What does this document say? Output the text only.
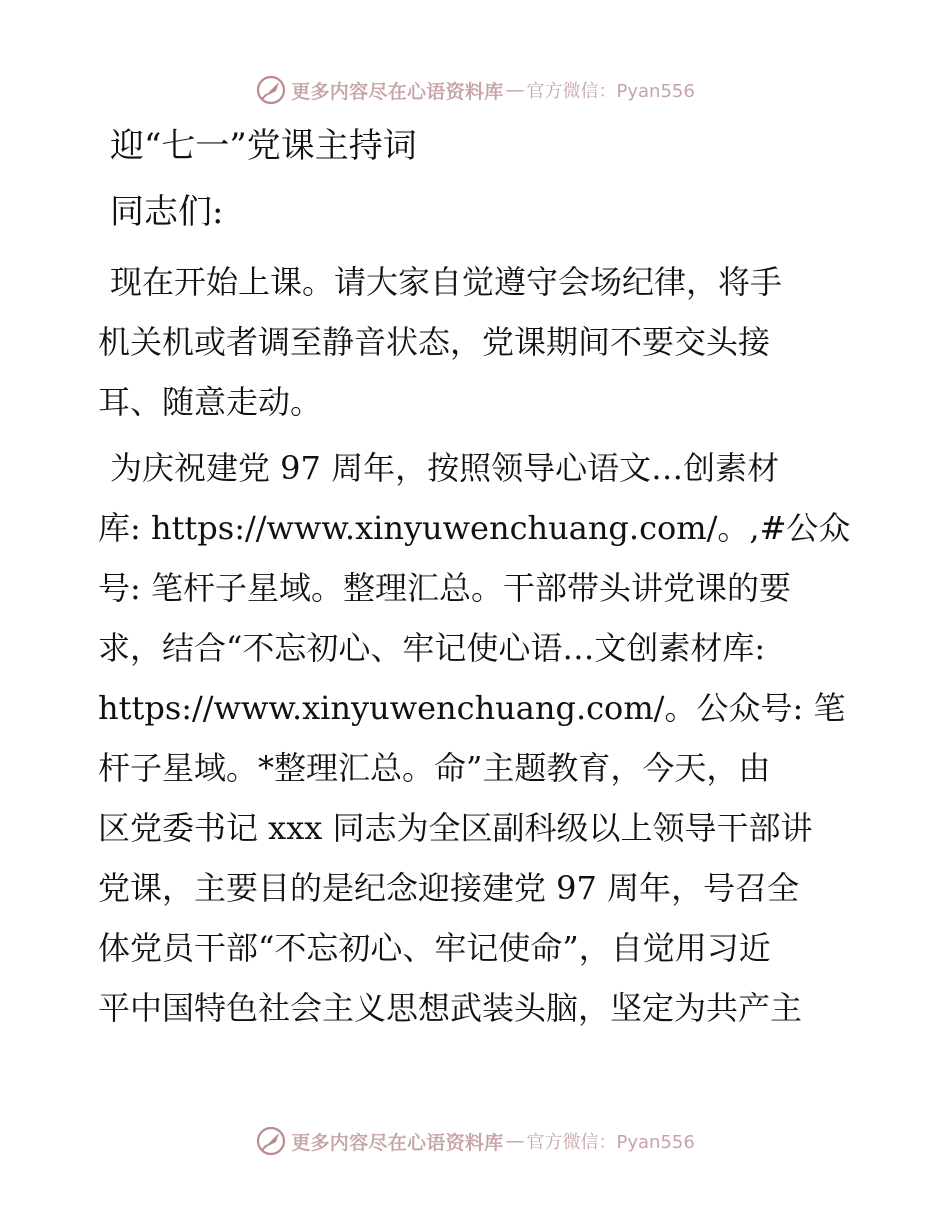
更多内容尽在心语资料库 — 官方微信：Pyan556
迎“七一”党课主持词

同志们:

现在开始上课。请大家自觉遵守会场纪律，将手
机关机或者调至静音状态，党课期间不要交头接
耳、随意走动。

为庆祝建党 97 周年，按照领导心语文…创素材
库: https://www.xinyuwenchuang.com/。,#公众
号: 笔杆子星域。整理汇总。干部带头讲党课的要
求，结合“不忘初心、牢记使心语…文创素材库:
https://www.xinyuwenchuang.com/。公众号: 笔
杆子星域。*整理汇总。命”主题教育，今天，由
区党委书记 xxx 同志为全区副科级以上领导干部讲
党课，主要目的是纪念迎接建党 97 周年，号召全
体党员干部“不忘初心、牢记使命”，自觉用习近
平中国特色社会主义思想武装头脑，坚定为共产主

更多内容尽在心语资料库 — 官方微信：Pyan556
